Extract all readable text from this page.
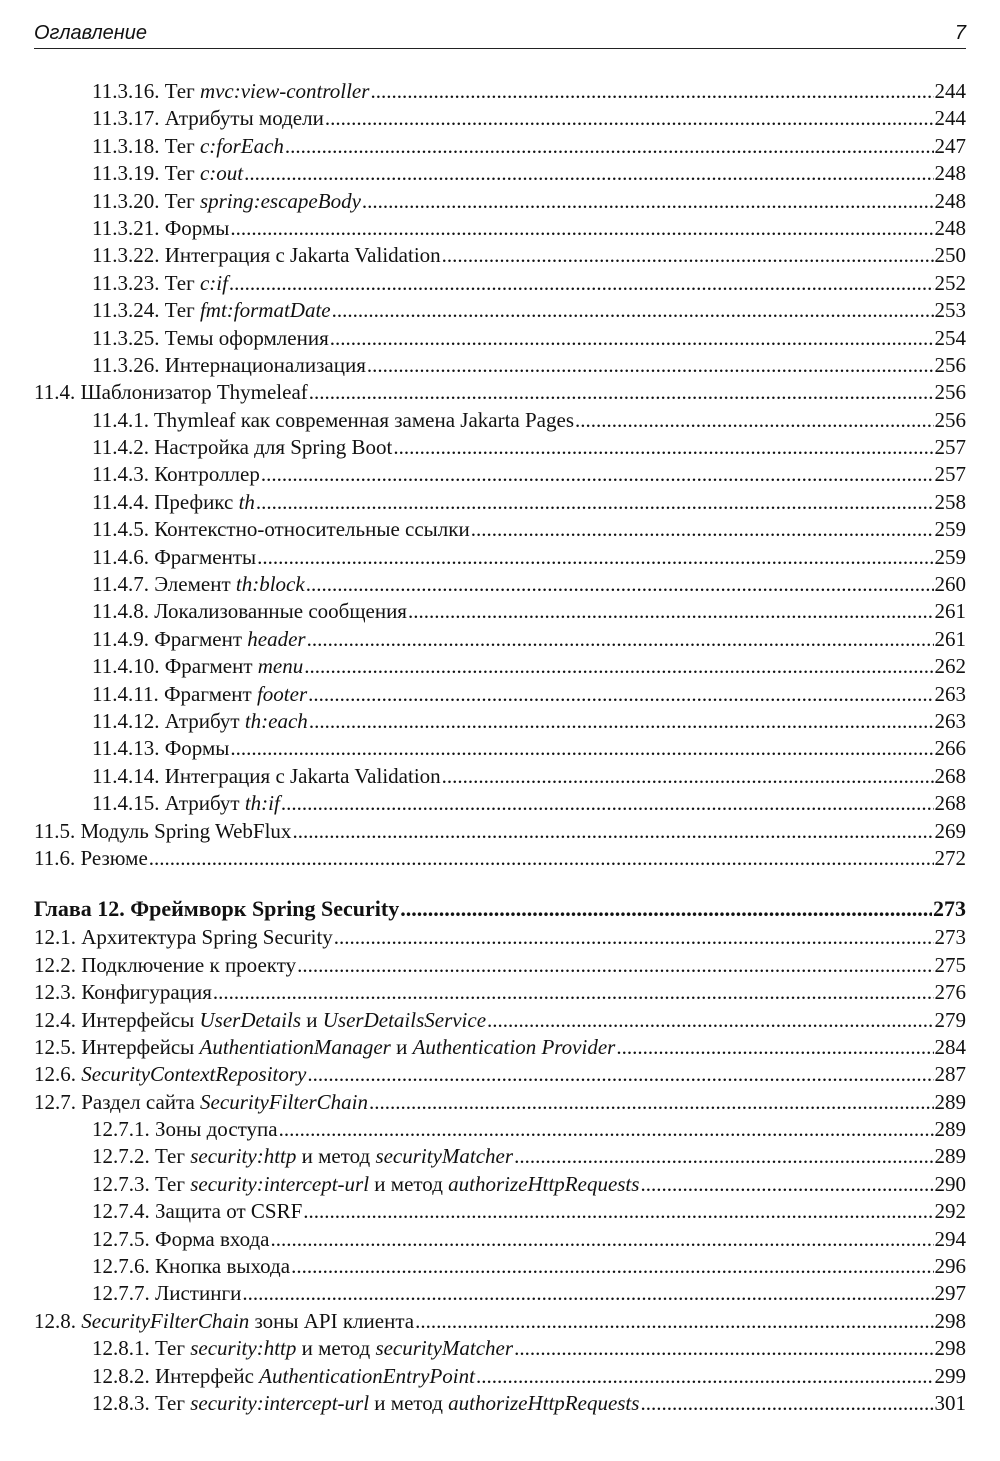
Оглавление	7
11.3.16. Тег mvc:view-controller .....	244
11.3.17. Атрибуты модели .....	244
11.3.18. Тег c:forEach .....	247
11.3.19. Тег c:out .....	248
11.3.20. Тег spring:escapeBody .....	248
11.3.21. Формы .....	248
11.3.22. Интеграция с Jakarta Validation .....	250
11.3.23. Тег c:if .....	252
11.3.24. Тег fmt:formatDate .....	253
11.3.25. Темы оформления .....	254
11.3.26. Интернационализация .....	256
11.4. Шаблонизатор Thymeleaf .....	256
11.4.1. Thymleaf как современная замена Jakarta Pages .....	256
11.4.2. Настройка для Spring Boot .....	257
11.4.3. Контроллер .....	257
11.4.4. Префикс th .....	258
11.4.5. Контекстно-относительные ссылки .....	259
11.4.6. Фрагменты .....	259
11.4.7. Элемент th:block .....	260
11.4.8. Локализованные сообщения .....	261
11.4.9. Фрагмент header .....	261
11.4.10. Фрагмент menu .....	262
11.4.11. Фрагмент footer .....	263
11.4.12. Атрибут th:each .....	263
11.4.13. Формы .....	266
11.4.14. Интеграция с Jakarta Validation .....	268
11.4.15. Атрибут th:if .....	268
11.5. Модуль Spring WebFlux .....	269
11.6. Резюме .....	272
Глава 12. Фреймворк Spring Security .....	273
12.1. Архитектура Spring Security .....	273
12.2. Подключение к проекту .....	275
12.3. Конфигурация .....	276
12.4. Интерфейсы UserDetails и UserDetailsService .....	279
12.5. Интерфейсы AuthentiationManager и Authentication Provider .....	284
12.6. SecurityContextRepository .....	287
12.7. Раздел сайта SecurityFilterChain .....	289
12.7.1. Зоны доступа .....	289
12.7.2. Тег security:http и метод securityMatcher .....	289
12.7.3. Тег security:intercept-url и метод authorizeHttpRequests .....	290
12.7.4. Защита от CSRF .....	292
12.7.5. Форма входа .....	294
12.7.6. Кнопка выхода .....	296
12.7.7. Листинги .....	297
12.8. SecurityFilterChain зоны API клиента .....	298
12.8.1. Тег security:http и метод securityMatcher .....	298
12.8.2. Интерфейс AuthenticationEntryPoint .....	299
12.8.3. Тег security:intercept-url и метод authorizeHttpRequests .....	301
